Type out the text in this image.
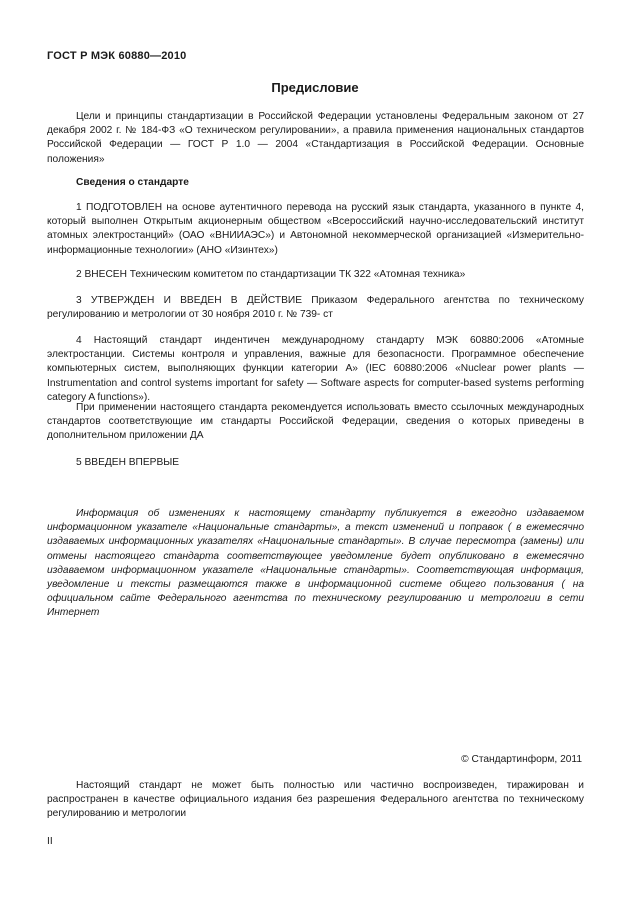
ГОСТ Р МЭК 60880—2010
Предисловие

Цели и принципы стандартизации в Российской Федерации установлены Федеральным законом от 27 декабря 2002 г. № 184-ФЗ «О техническом регулировании», а правила применения национальных стандартов Российской Федерации — ГОСТ Р 1.0 — 2004 «Стандартизация в Российской Федерации. Основные положения»

Сведения о стандарте

1 ПОДГОТОВЛЕН на основе аутентичного перевода на русский язык стандарта, указанного в пункте 4, который выполнен Открытым акционерным обществом «Всероссийский научно-исследовательский институт атомных электростанций» (ОАО «ВНИИАЭС») и Автономной некоммерческой организацией «Измерительно-информационные технологии» (АНО «Изинтех»)

2 ВНЕСЕН Техническим комитетом по стандартизации ТК 322 «Атомная техника»

3 УТВЕРЖДЕН И ВВЕДЕН В ДЕЙСТВИЕ Приказом Федерального агентства по техническому регулированию и метрологии от 30 ноября 2010 г. № 739- ст

4 Настоящий стандарт индентичен международному стандарту МЭК 60880:2006 «Атомные электростанции. Системы контроля и управления, важные для безопасности. Программное обеспечение компьютерных систем, выполняющих функции категории А» (IEC 60880:2006 «Nuclear power plants — Instrumentation and control systems important for safety — Software aspects for computer-based systems performing category A functions»).

При применении настоящего стандарта рекомендуется использовать вместо ссылочных международных стандартов соответствующие им стандарты Российской Федерации, сведения о которых приведены в дополнительном приложении ДА

5 ВВЕДЕН ВПЕРВЫЕ

Информация об изменениях к настоящему стандарту публикуется в ежегодно издаваемом информационном указателе «Национальные стандарты», а текст изменений и поправок ( в ежемесячно издаваемых информационных указателях «Национальные стандарты». В случае пересмотра (замены) или отмены настоящего стандарта соответствующее уведомление будет опубликовано в ежемесячно издаваемом информационном указателе «Национальные стандарты». Соответствующая информация, уведомление и тексты размещаются также в информационной системе общего пользования ( на официальном сайте Федерального агентства по техническому регулированию и метрологии в сети Интернет

© Стандартинформ, 2011

Настоящий стандарт не может быть полностью или частично воспроизведен, тиражирован и распространен в качестве официального издания без разрешения Федерального агентства по техническому регулированию и метрологии

II
